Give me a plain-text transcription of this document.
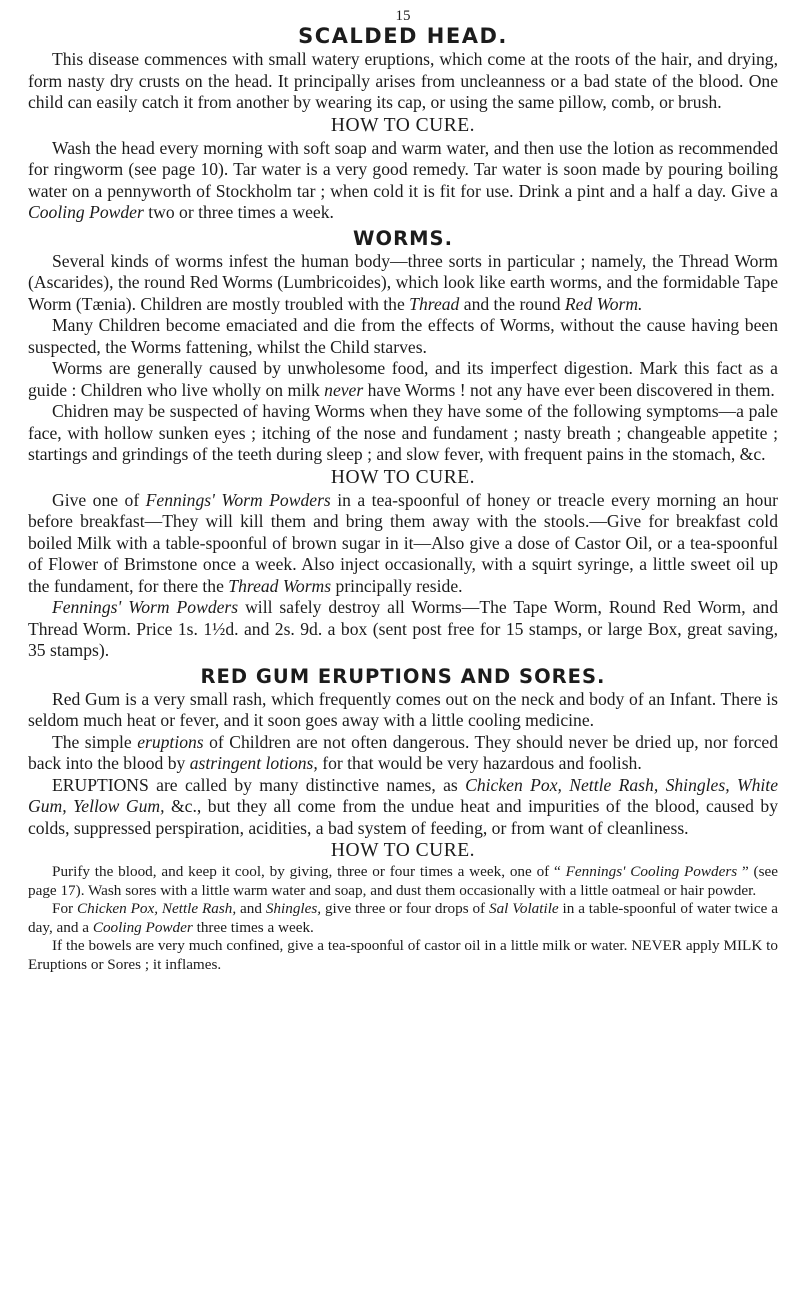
15
SCALDED HEAD.

This disease commences with small watery eruptions, which come at the roots of the hair, and drying, form nasty dry crusts on the head. It principally arises from uncleanness or a bad state of the blood. One child can easily catch it from another by wearing its cap, or using the same pillow, comb, or brush.

HOW TO CURE.

Wash the head every morning with soft soap and warm water, and then use the lotion as recommended for ringworm (see page 10). Tar water is a very good remedy. Tar water is soon made by pouring boiling water on a pennyworth of Stockholm tar ; when cold it is fit for use. Drink a pint and a half a day. Give a Cooling Powder two or three times a week.

WORMS.

Several kinds of worms infest the human body—three sorts in particular ; namely, the Thread Worm (Ascarides), the round Red Worms (Lumbricoides), which look like earth worms, and the formidable Tape Worm (Tænia). Children are mostly troubled with the Thread and the round Red Worm.

Many Children become emaciated and die from the effects of Worms, without the cause having been suspected, the Worms fattening, whilst the Child starves.

Worms are generally caused by unwholesome food, and its imperfect digestion. Mark this fact as a guide : Children who live wholly on milk never have Worms ! not any have ever been discovered in them.

Chidren may be suspected of having Worms when they have some of the following symptoms—a pale face, with hollow sunken eyes ; itching of the nose and fundament ; nasty breath ; changeable appetite ; startings and grindings of the teeth during sleep ; and slow fever, with frequent pains in the stomach, &c.

HOW TO CURE.

Give one of Fennings' Worm Powders in a tea-spoonful of honey or treacle every morning an hour before breakfast—They will kill them and bring them away with the stools.—Give for breakfast cold boiled Milk with a table-spoonful of brown sugar in it—Also give a dose of Castor Oil, or a tea-spoonful of Flower of Brimstone once a week. Also inject occasionally, with a squirt syringe, a little sweet oil up the fundament, for there the Thread Worms principally reside.

Fennings' Worm Powders will safely destroy all Worms—The Tape Worm, Round Red Worm, and Thread Worm. Price 1s. 1½d. and 2s. 9d. a box (sent post free for 15 stamps, or large Box, great saving, 35 stamps).

RED GUM ERUPTIONS AND SORES.

Red Gum is a very small rash, which frequently comes out on the neck and body of an Infant. There is seldom much heat or fever, and it soon goes away with a little cooling medicine.

The simple eruptions of Children are not often dangerous. They should never be dried up, nor forced back into the blood by astringent lotions, for that would be very hazardous and foolish.

ERUPTIONS are called by many distinctive names, as Chicken Pox, Nettle Rash, Shingles, White Gum, Yellow Gum, &c., but they all come from the undue heat and impurities of the blood, caused by colds, suppressed perspiration, acidities, a bad system of feeding, or from want of cleanliness.

HOW TO CURE.

Purify the blood, and keep it cool, by giving, three or four times a week, one of “ Fennings' Cooling Powders ” (see page 17). Wash sores with a little warm water and soap, and dust them occasionally with a little oatmeal or hair powder.

For Chicken Pox, Nettle Rash, and Shingles, give three or four drops of Sal Volatile in a table-spoonful of water twice a day, and a Cooling Powder three times a week.

If the bowels are very much confined, give a tea-spoonful of castor oil in a little milk or water. NEVER apply MILK to Eruptions or Sores ; it inflames.
